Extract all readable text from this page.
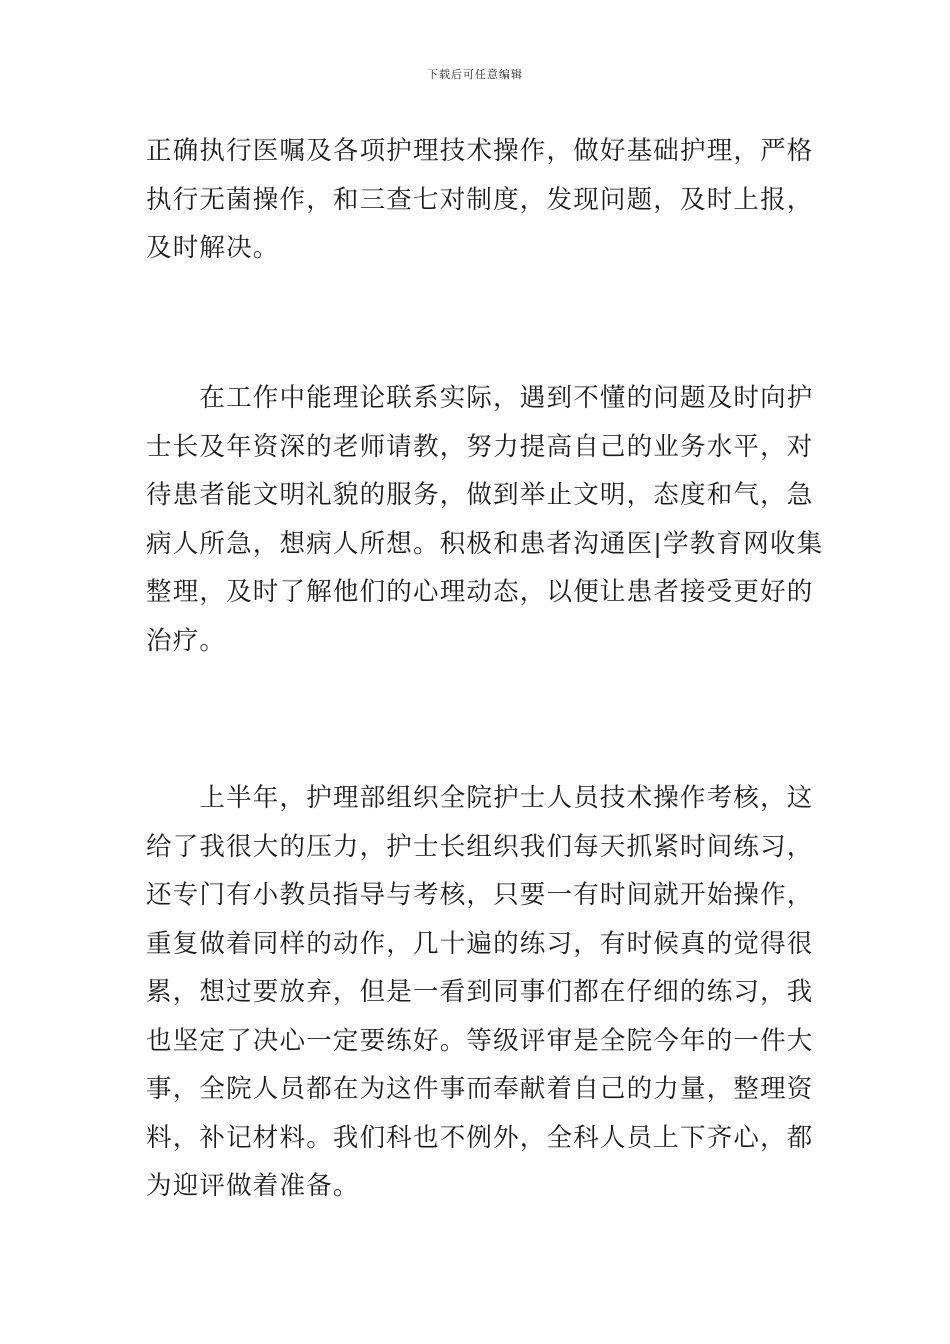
下载后可任意编辑
正确执行医嘱及各项护理技术操作，做好基础护理，严格
执行无菌操作，和三查七对制度，发现问题，及时上报，
及时解决。
　　在工作中能理论联系实际，遇到不懂的问题及时向护
士长及年资深的老师请教，努力提高自己的业务水平，对
待患者能文明礼貌的服务，做到举止文明，态度和气，急
病人所急，想病人所想。积极和患者沟通医|学教育网收集
整理，及时了解他们的心理动态，以便让患者接受更好的
治疗。
　　上半年，护理部组织全院护士人员技术操作考核，这
给了我很大的压力，护士长组织我们每天抓紧时间练习，
还专门有小教员指导与考核，只要一有时间就开始操作，
重复做着同样的动作，几十遍的练习，有时候真的觉得很
累，想过要放弃，但是一看到同事们都在仔细的练习，我
也坚定了决心一定要练好。等级评审是全院今年的一件大
事，全院人员都在为这件事而奉献着自己的力量，整理资
料，补记材料。我们科也不例外，全科人员上下齐心，都
为迎评做着准备。
